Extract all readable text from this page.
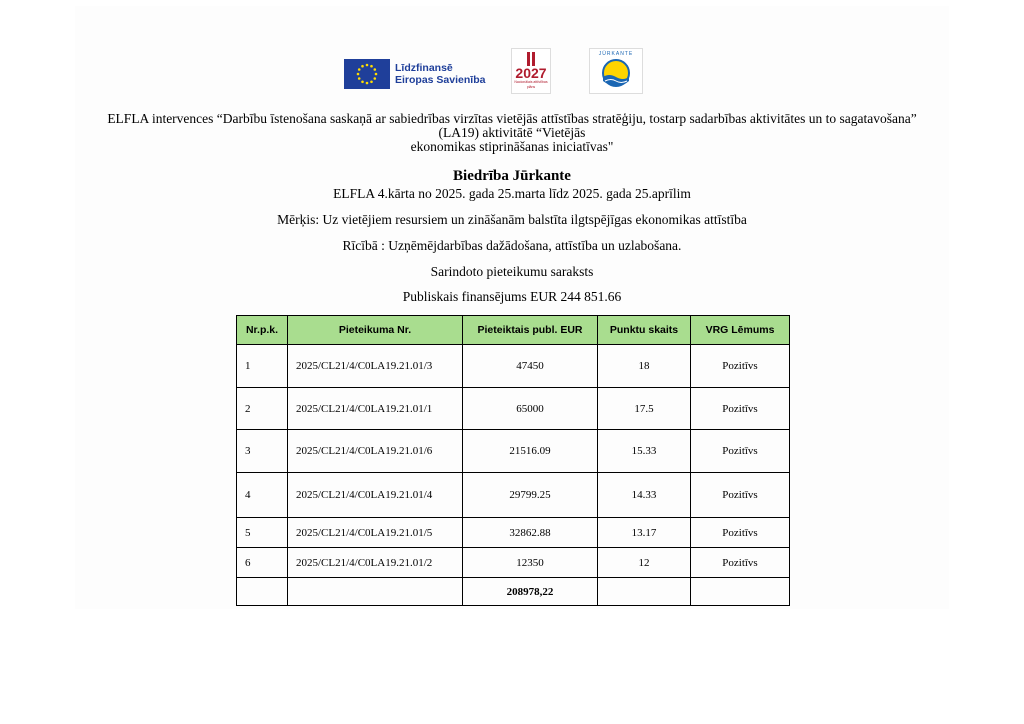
Līdzfinansē
Eiropas Savienība 2027
Nacionālais attīstības plāns
JŪRKANTE
ELFLA intervences “Darbību īstenošana saskaņā ar sabiedrības virzītas vietējās attīstības stratēģiju, tostarp sadarbības aktivitātes un to sagatavošana”
(LA19) aktivitātē “Vietējās
ekonomikas stiprināšanas iniciatīvas"
Biedrība Jūrkante
ELFLA 4.kārta no 2025. gada 25.marta līdz 2025. gada 25.aprīlim
Mērķis: Uz vietējiem resursiem un zināšanām balstīta ilgtspējīgas ekonomikas attīstība
Rīcībā : Uzņēmējdarbības dažādošana, attīstība un uzlabošana.
Sarindoto pieteikumu saraksts
Publiskais finansējums EUR 244 851.66
Nr.p.k.	Pieteikuma Nr.	Pieteiktais publ. EUR	Punktu skaits	VRG Lēmums
1	2025/CL21/4/C0LA19.21.01/3	47450	18	Pozitīvs
2	2025/CL21/4/C0LA19.21.01/1	65000	17.5	Pozitīvs
3	2025/CL21/4/C0LA19.21.01/6	21516.09	15.33	Pozitīvs
4	2025/CL21/4/C0LA19.21.01/4	29799.25	14.33	Pozitīvs
5	2025/CL21/4/C0LA19.21.01/5	32862.88	13.17	Pozitīvs
6	2025/CL21/4/C0LA19.21.01/2	12350	12	Pozitīvs
		208978,22		
